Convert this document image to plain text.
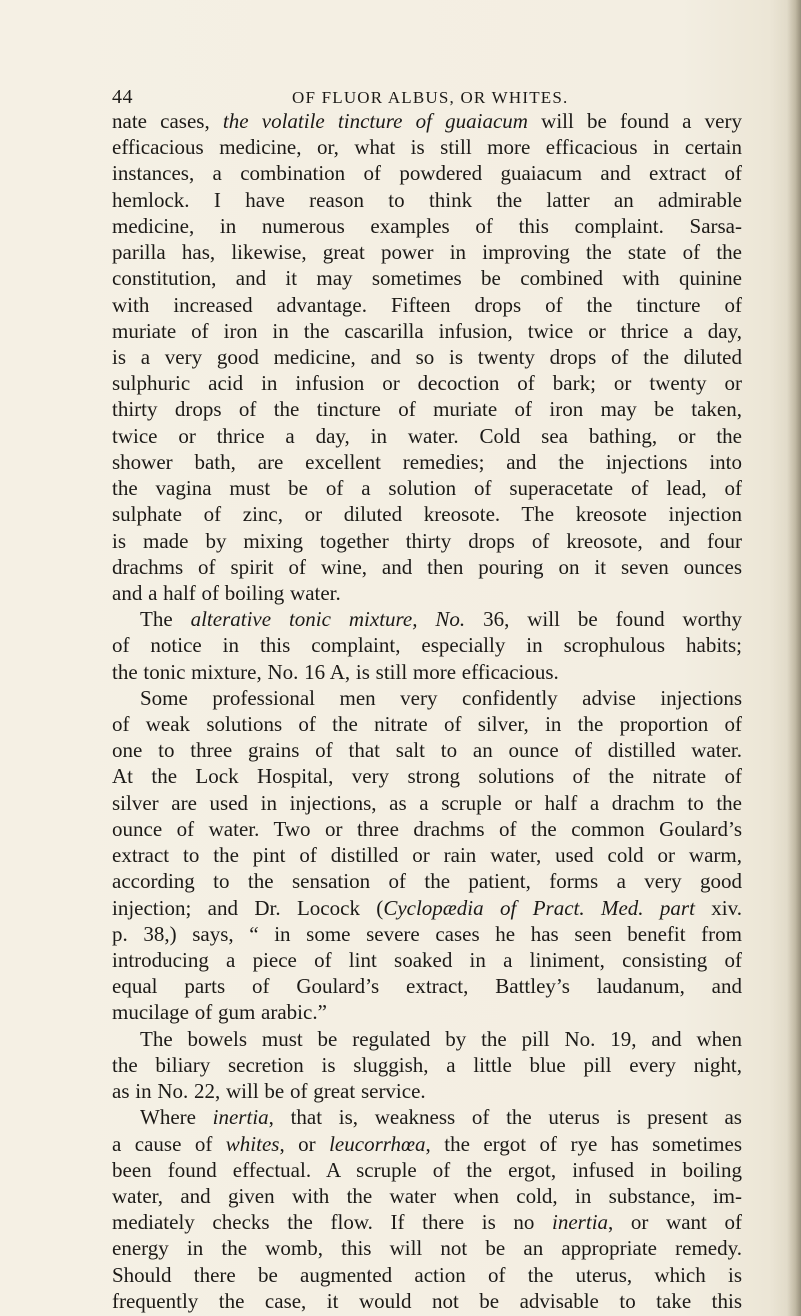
44	OF FLUOR ALBUS, OR WHITES.
nate cases, the volatile tincture of guaiacum will be found a very
efficacious medicine, or, what is still more efficacious in certain
instances, a combination of powdered guaiacum and extract of
hemlock. I have reason to think the latter an admirable
medicine, in numerous examples of this complaint. Sarsa-
parilla has, likewise, great power in improving the state of the
constitution, and it may sometimes be combined with quinine
with increased advantage. Fifteen drops of the tincture of
muriate of iron in the cascarilla infusion, twice or thrice a day,
is a very good medicine, and so is twenty drops of the diluted
sulphuric acid in infusion or decoction of bark; or twenty or
thirty drops of the tincture of muriate of iron may be taken,
twice or thrice a day, in water. Cold sea bathing, or the
shower bath, are excellent remedies; and the injections into
the vagina must be of a solution of superacetate of lead, of
sulphate of zinc, or diluted kreosote. The kreosote injection
is made by mixing together thirty drops of kreosote, and four
drachms of spirit of wine, and then pouring on it seven ounces
and a half of boiling water.
The alterative tonic mixture, No. 36, will be found worthy
of notice in this complaint, especially in scrophulous habits;
the tonic mixture, No. 16 A, is still more efficacious.
Some professional men very confidently advise injections
of weak solutions of the nitrate of silver, in the proportion of
one to three grains of that salt to an ounce of distilled water.
At the Lock Hospital, very strong solutions of the nitrate of
silver are used in injections, as a scruple or half a drachm to the
ounce of water. Two or three drachms of the common Goulard’s
extract to the pint of distilled or rain water, used cold or warm,
according to the sensation of the patient, forms a very good
injection; and Dr. Locock (Cyclopædia of Pract. Med. part xiv.
p. 38,) says, “ in some severe cases he has seen benefit from
introducing a piece of lint soaked in a liniment, consisting of
equal parts of Goulard’s extract, Battley’s laudanum, and
mucilage of gum arabic.”
The bowels must be regulated by the pill No. 19, and when
the biliary secretion is sluggish, a little blue pill every night,
as in No. 22, will be of great service.
Where inertia, that is, weakness of the uterus is present as
a cause of whites, or leucorrhœa, the ergot of rye has sometimes
been found effectual. A scruple of the ergot, infused in boiling
water, and given with the water when cold, in substance, im-
mediately checks the flow. If there is no inertia, or want of
energy in the womb, this will not be an appropriate remedy.
Should there be augmented action of the uterus, which is
frequently the case, it would not be advisable to take this
